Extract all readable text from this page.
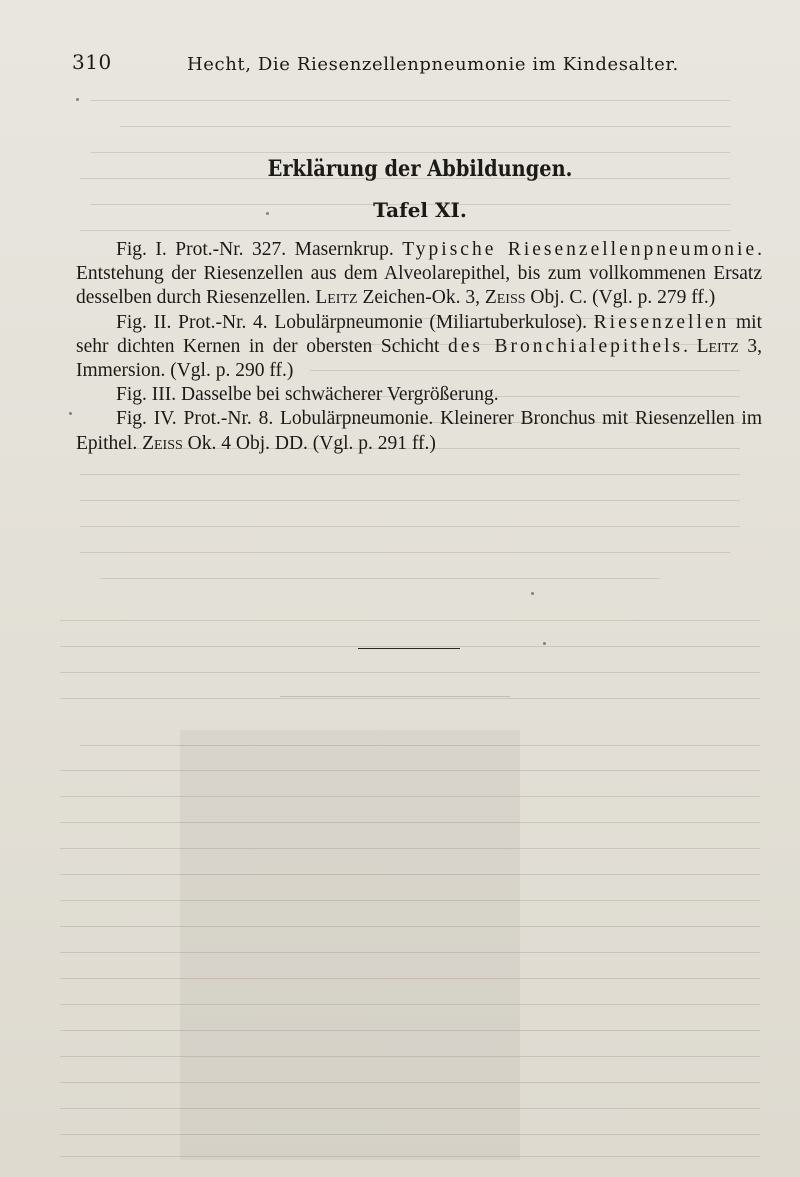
310	Hecht, Die Riesenzellenpneumonie im Kindesalter.
Erklärung der Abbildungen.
Tafel XI.

Fig. I. Prot.-Nr. 327. Masernkrup. Typische Riesenzellenpneumonie. Entstehung der Riesenzellen aus dem Alveolarepithel, bis zum vollkommenen Ersatz desselben durch Riesenzellen. Leitz Zeichen-Ok. 3, Zeiss Obj. C. (Vgl. p. 279 ff.)

Fig. II. Prot.-Nr. 4. Lobulärpneumonie (Miliartuberkulose). Riesenzellen mit sehr dichten Kernen in der obersten Schicht des Bronchialepithels. Leitz 3, Immersion. (Vgl. p. 290 ff.)

Fig. III. Dasselbe bei schwächerer Vergrößerung.

Fig. IV. Prot.-Nr. 8. Lobulärpneumonie. Kleinerer Bronchus mit Riesenzellen im Epithel. Zeiss Ok. 4 Obj. DD. (Vgl. p. 291 ff.)
